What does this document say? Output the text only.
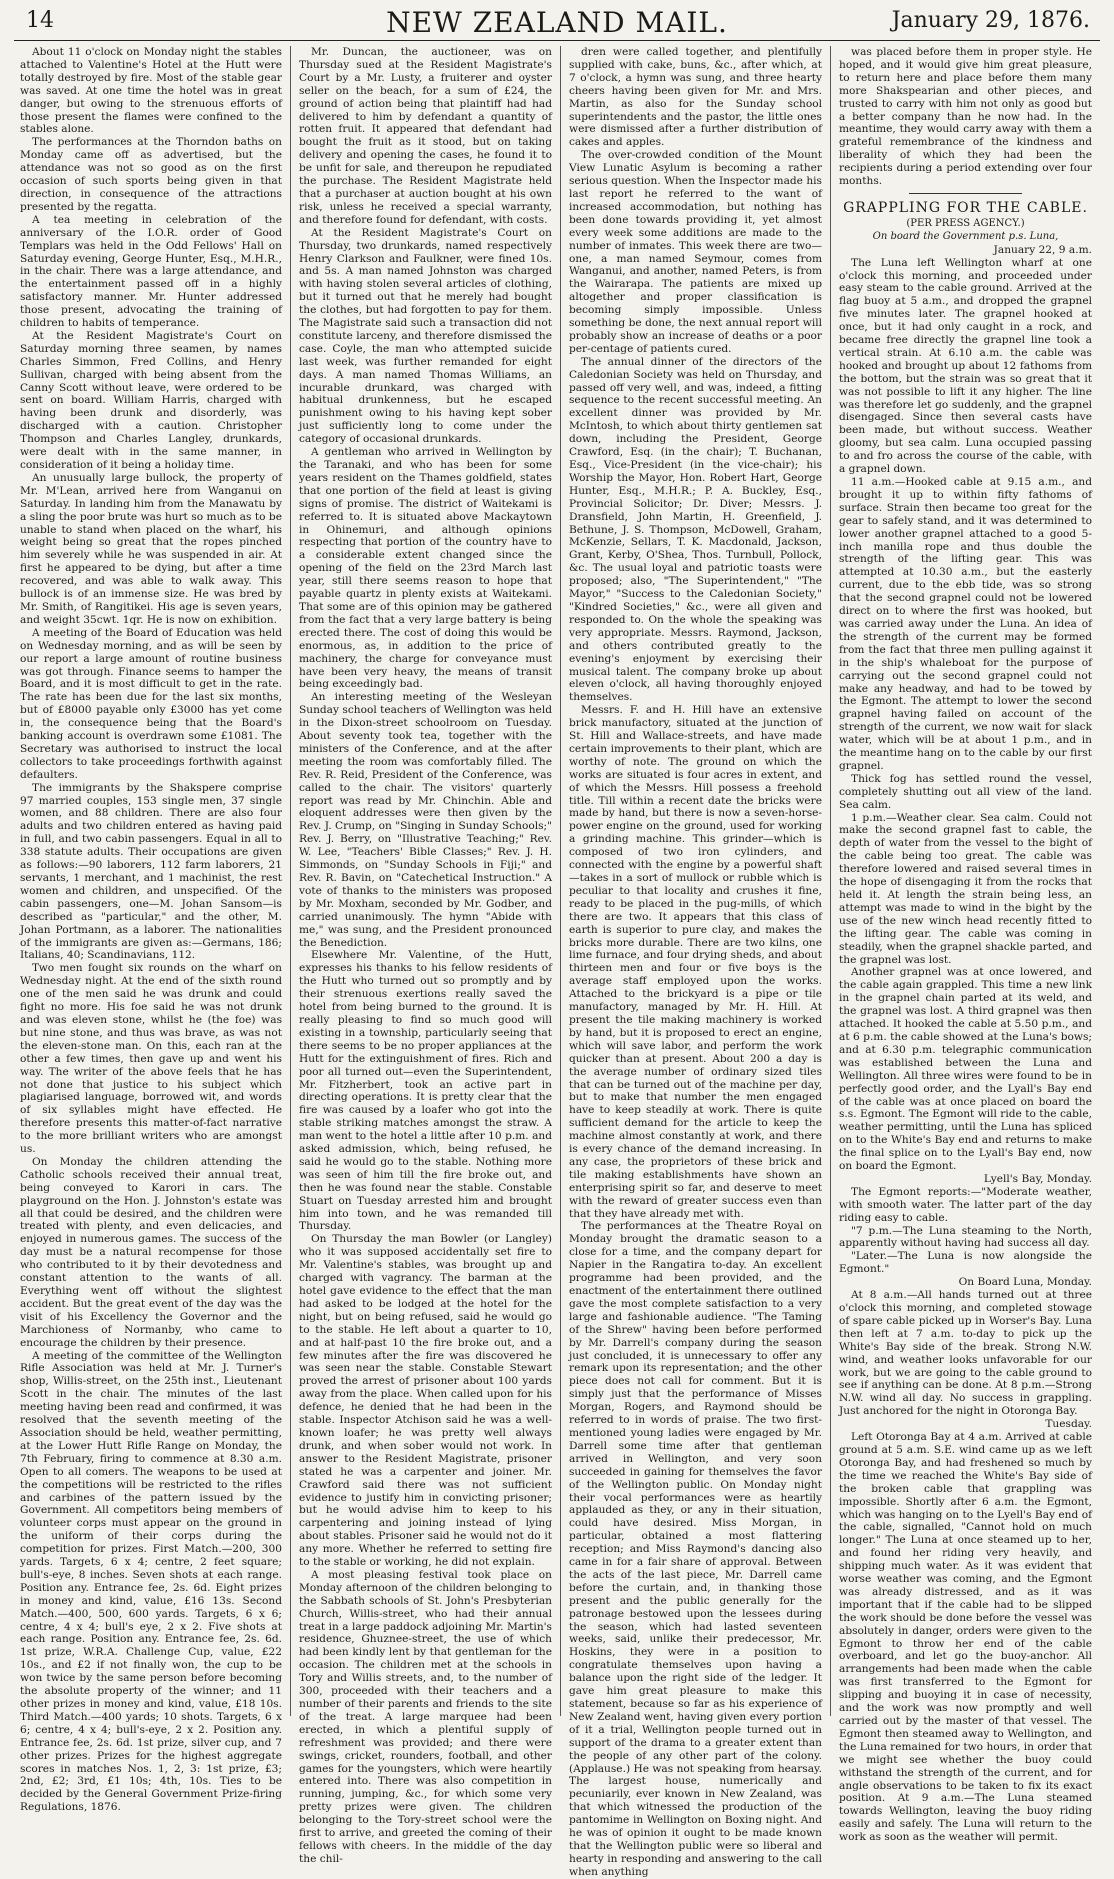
14	NEW ZEALAND MAIL.	January 29, 1876.

About 11 o'clock on Monday night the stables attached to Valentine's Hotel at the Hutt were totally destroyed by fire. Most of the stable gear was saved. At one time the hotel was in great danger, but owing to the strenuous efforts of those present the flames were confined to the stables alone.

The performances at the Thorndon baths on Monday came off as advertised, but the attendance was not so good as on the first occasion of such sports being given in that direction, in consequence of the attractions presented by the regatta.

A tea meeting in celebration of the anniversary of the I.O.R. order of Good Templars was held in the Odd Fellows' Hall on Saturday evening, George Hunter, Esq., M.H.R., in the chair. There was a large attendance, and the entertainment passed off in a highly satisfactory manner. Mr. Hunter addressed those present, advocating the training of children to habits of temperance.

At the Resident Magistrate's Court on Saturday morning three seamen, by names Charles Simmon, Fred Collins, and Henry Sullivan, charged with being absent from the Canny Scott without leave, were ordered to be sent on board. William Harris, charged with having been drunk and disorderly, was discharged with a caution. Christopher Thompson and Charles Langley, drunkards, were dealt with in the same manner, in consideration of it being a holiday time.

An unusually large bullock, the property of Mr. M'Lean, arrived here from Wanganui on Saturday. In landing him from the Manawatu by a sling the poor brute was hurt so much as to be unable to stand when placed on the wharf, his weight being so great that the ropes pinched him severely while he was suspended in air. At first he appeared to be dying, but after a time recovered, and was able to walk away. This bullock is of an immense size. He was bred by Mr. Smith, of Rangitikei. His age is seven years, and weight 35cwt. 1qr. He is now on exhibition.

A meeting of the Board of Education was held on Wednesday morning, and as will be seen by our report a large amount of routine business was got through. Finance seems to hamper the Board, and it is most difficult to get in the rate. The rate has been due for the last six months, but of £8000 payable only £3000 has yet come in, the consequence being that the Board's banking account is overdrawn some £1081. The Secretary was authorised to instruct the local collectors to take proceedings forthwith against defaulters.

The immigrants by the Shakspere comprise 97 married couples, 153 single men, 37 single women, and 88 children. There are also four adults and two children entered as having paid in full, and two cabin passengers. Equal in all to 338 statute adults. Their occupations are given as follows:—90 laborers, 112 farm laborers, 21 servants, 1 merchant, and 1 machinist, the rest women and children, and unspecified. Of the cabin passengers, one—M. Johan Sansom—is described as "particular," and the other, M. Johan Portmann, as a laborer. The nationalities of the immigrants are given as:—Germans, 186; Italians, 40; Scandinavians, 112.

Two men fought six rounds on the wharf on Wednesday night. At the end of the sixth round one of the men said he was drunk and could fight no more. His foe said he was not drunk and was eleven stone, whilst he (the foe) was but nine stone, and thus was brave, as was not the eleven-stone man. On this, each ran at the other a few times, then gave up and went his way. The writer of the above feels that he has not done that justice to his subject which plagiarised language, borrowed wit, and words of six syllables might have effected. He therefore presents this matter-of-fact narrative to the more brilliant writers who are amongst us.

On Monday the children attending the Catholic schools received their annual treat, being conveyed to Karori in cars. The playground on the Hon. J. Johnston's estate was all that could be desired, and the children were treated with plenty, and even delicacies, and enjoyed in numerous games. The success of the day must be a natural recompense for those who contributed to it by their devotedness and constant attention to the wants of all. Everything went off without the slightest accident. But the great event of the day was the visit of his Excellency the Governor and the Marchioness of Normanby, who came to encourage the children by their presence.

A meeting of the committee of the Wellington Rifle Association was held at Mr. J. Turner's shop, Willis-street, on the 25th inst., Lieutenant Scott in the chair. The minutes of the last meeting having been read and confirmed, it was resolved that the seventh meeting of the Association should be held, weather permitting, at the Lower Hutt Rifle Range on Monday, the 7th February, firing to commence at 8.30 a.m. Open to all comers. The weapons to be used at the competitions will be restricted to the rifles and carbines of the pattern issued by the Government. All competitors being members of volunteer corps must appear on the ground in the uniform of their corps during the competition for prizes. First Match.—200, 300 yards. Targets, 6 x 4; centre, 2 feet square; bull's-eye, 8 inches. Seven shots at each range. Position any. Entrance fee, 2s. 6d. Eight prizes in money and kind, value, £16 13s. Second Match.—400, 500, 600 yards. Targets, 6 x 6; centre, 4 x 4; bull's eye, 2 x 2. Five shots at each range. Position any. Entrance fee, 2s. 6d. 1st prize, W.R.A. Challenge Cup, value, £22 10s., and £2 if not finally won, the cup to be won twice by the same person before becoming the absolute property of the winner; and 11 other prizes in money and kind, value, £18 10s. Third Match.—400 yards; 10 shots. Targets, 6 x 6; centre, 4 x 4; bull's-eye, 2 x 2. Position any. Entrance fee, 2s. 6d. 1st prize, silver cup, and 7 other prizes. Prizes for the highest aggregate scores in matches Nos. 1, 2, 3: 1st prize, £3; 2nd, £2; 3rd, £1 10s; 4th, 10s. Ties to be decided by the General Government Prize-firing Regulations, 1876.

Mr. Duncan, the auctioneer, was on Thursday sued at the Resident Magistrate's Court by a Mr. Lusty, a fruiterer and oyster seller on the beach, for a sum of £24, the ground of action being that plaintiff had had delivered to him by defendant a quantity of rotten fruit. It appeared that defendant had bought the fruit as it stood, but on taking delivery and opening the cases, he found it to be unfit for sale, and thereupon he repudiated the purchase. The Resident Magistrate held that a purchaser at auction bought at his own risk, unless he received a special warranty, and therefore found for defendant, with costs.

At the Resident Magistrate's Court on Thursday, two drunkards, named respectively Henry Clarkson and Faulkner, were fined 10s. and 5s. A man named Johnston was charged with having stolen several articles of clothing, but it turned out that he merely had bought the clothes, but had forgotten to pay for them. The Magistrate said such a transaction did not constitute larceny, and therefore dismissed the case. Coyle, the man who attempted suicide last week, was further remanded for eight days. A man named Thomas Williams, an incurable drunkard, was charged with habitual drunkenness, but he escaped punishment owing to his having kept sober just sufficiently long to come under the category of occasional drunkards.

A gentleman who arrived in Wellington by the Taranaki, and who has been for some years resident on the Thames goldfield, states that one portion of the field at least is giving signs of promise. The district of Waitekami is referred to. It is situated above Mackaytown in Ohinemuri, and although opinions respecting that portion of the country have to a considerable extent changed since the opening of the field on the 23rd March last year, still there seems reason to hope that payable quartz in plenty exists at Waitekami. That some are of this opinion may be gathered from the fact that a very large battery is being erected there. The cost of doing this would be enormous, as, in addition to the price of machinery, the charge for conveyance must have been very heavy, the means of transit being exceedingly bad.

An interesting meeting of the Wesleyan Sunday school teachers of Wellington was held in the Dixon-street schoolroom on Tuesday. About seventy took tea, together with the ministers of the Conference, and at the after meeting the room was comfortably filled. The Rev. R. Reid, President of the Conference, was called to the chair. The visitors' quarterly report was read by Mr. Chinchin. Able and eloquent addresses were then given by the Rev. J. Crump, on "Singing in Sunday Schools;" Rev. J. Berry, on "Illustrative Teaching;" Rev. W. Lee, "Teachers' Bible Classes;" Rev. J. H. Simmonds, on "Sunday Schools in Fiji;" and Rev. R. Bavin, on "Catechetical Instruction." A vote of thanks to the ministers was proposed by Mr. Moxham, seconded by Mr. Godber, and carried unanimously. The hymn "Abide with me," was sung, and the President pronounced the Benediction.

Elsewhere Mr. Valentine, of the Hutt, expresses his thanks to his fellow residents of the Hutt who turned out so promptly and by their strenuous exertions really saved the hotel from being burned to the ground. It is really pleasing to find so much good will existing in a township, particularly seeing that there seems to be no proper appliances at the Hutt for the extinguishment of fires. Rich and poor all turned out—even the Superintendent, Mr. Fitzherbert, took an active part in directing operations. It is pretty clear that the fire was caused by a loafer who got into the stable striking matches amongst the straw. A man went to the hotel a little after 10 p.m. and asked admission, which, being refused, he said he would go to the stable. Nothing more was seen of him till the fire broke out, and then he was found near the stable. Constable Stuart on Tuesday arrested him and brought him into town, and he was remanded till Thursday.

On Thursday the man Bowler (or Langley) who it was supposed accidentally set fire to Mr. Valentine's stables, was brought up and charged with vagrancy. The barman at the hotel gave evidence to the effect that the man had asked to be lodged at the hotel for the night, but on being refused, said he would go to the stable. He left about a quarter to 10, and at half-past 10 the fire broke out, and a few minutes after the fire was discovered he was seen near the stable. Constable Stewart proved the arrest of prisoner about 100 yards away from the place. When called upon for his defence, he denied that he had been in the stable. Inspector Atchison said he was a well-known loafer; he was pretty well always drunk, and when sober would not work. In answer to the Resident Magistrate, prisoner stated he was a carpenter and joiner. Mr. Crawford said there was not sufficient evidence to justify him in convicting prisoner; but he would advise him to keep to his carpentering and joining instead of lying about stables. Prisoner said he would not do it any more. Whether he referred to setting fire to the stable or working, he did not explain.

A most pleasing festival took place on Monday afternoon of the children belonging to the Sabbath schools of St. John's Presbyterian Church, Willis-street, who had their annual treat in a large paddock adjoining Mr. Martin's residence, Ghuznee-street, the use of which had been kindly lent by that gentleman for the occasion. The children met at the schools in Tory and Willis streets, and, to the number of 300, proceeded with their teachers and a number of their parents and friends to the site of the treat. A large marquee had been erected, in which a plentiful supply of refreshment was provided; and there were swings, cricket, rounders, football, and other games for the youngsters, which were heartily entered into. There was also competition in running, jumping, &c., for which some very pretty prizes were given. The children belonging to the Tory-street school were the first to arrive, and greeted the coming of their fellows with cheers. In the middle of the day the chil-

dren were called together, and plentifully supplied with cake, buns, &c., after which, at 7 o'clock, a hymn was sung, and three hearty cheers having been given for Mr. and Mrs. Martin, as also for the Sunday school superintendents and the pastor, the little ones were dismissed after a further distribution of cakes and apples.

The over-crowded condition of the Mount View Lunatic Asylum is becoming a rather serious question. When the Inspector made his last report he referred to the want of increased accommodation, but nothing has been done towards providing it, yet almost every week some additions are made to the number of inmates. This week there are two—one, a man named Seymour, comes from Wanganui, and another, named Peters, is from the Wairarapa. The patients are mixed up altogether and proper classification is becoming simply impossible. Unless something be done, the next annual report will probably show an increase of deaths or a poor per-centage of patients cured.

The annual dinner of the directors of the Caledonian Society was held on Thursday, and passed off very well, and was, indeed, a fitting sequence to the recent successful meeting. An excellent dinner was provided by Mr. McIntosh, to which about thirty gentlemen sat down, including the President, George Crawford, Esq. (in the chair); T. Buchanan, Esq., Vice-President (in the vice-chair); his Worship the Mayor, Hon. Robert Hart, George Hunter, Esq., M.H.R.; P. A. Buckley, Esq., Provincial Solicitor; Dr. Diver; Messrs. J. Dransfield, John Martin, H. Greenfield, J. Bethune, J. S. Thompson, McDowell, Graham, McKenzie, Sellars, T. K. Macdonald, Jackson, Grant, Kerby, O'Shea, Thos. Turnbull, Pollock, &c. The usual loyal and patriotic toasts were proposed; also, "The Superintendent," "The Mayor," "Success to the Caledonian Society," "Kindred Societies," &c., were all given and responded to. On the whole the speaking was very appropriate. Messrs. Raymond, Jackson, and others contributed greatly to the evening's enjoyment by exercising their musical talent. The company broke up about eleven o'clock, all having thoroughly enjoyed themselves.

Messrs. F. and H. Hill have an extensive brick manufactory, situated at the junction of St. Hill and Wallace-streets, and have made certain improvements to their plant, which are worthy of note. The ground on which the works are situated is four acres in extent, and of which the Messrs. Hill possess a freehold title. Till within a recent date the bricks were made by hand, but there is now a seven-horse-power engine on the ground, used for working a grinding machine. This grinder—which is composed of two iron cylinders, and connected with the engine by a powerful shaft—takes in a sort of mullock or rubble which is peculiar to that locality and crushes it fine, ready to be placed in the pug-mills, of which there are two. It appears that this class of earth is superior to pure clay, and makes the bricks more durable. There are two kilns, one lime furnace, and four drying sheds, and about thirteen men and four or five boys is the average staff employed upon the works. Attached to the brickyard is a pipe or tile manufactory, managed by Mr. H. Hill. At present the tile making machinery is worked by hand, but it is proposed to erect an engine, which will save labor, and perform the work quicker than at present. About 200 a day is the average number of ordinary sized tiles that can be turned out of the machine per day, but to make that number the men engaged have to keep steadily at work. There is quite sufficient demand for the article to keep the machine almost constantly at work, and there is every chance of the demand increasing. In any case, the proprietors of these brick and tile making establishments have shown an enterprising spirit so far, and deserve to meet with the reward of greater success even than that they have already met with.

The performances at the Theatre Royal on Monday brought the dramatic season to a close for a time, and the company depart for Napier in the Rangatira to-day. An excellent programme had been provided, and the enactment of the entertainment there outlined gave the most complete satisfaction to a very large and fashionable audience. "The Taming of the Shrew" having been before performed by Mr. Darrell's company during the season just concluded, it is unnecessary to offer any remark upon its representation; and the other piece does not call for comment. But it is simply just that the performance of Misses Morgan, Rogers, and Raymond should be referred to in words of praise. The two first-mentioned young ladies were engaged by Mr. Darrell some time after that gentleman arrived in Wellington, and very soon succeeded in gaining for themselves the favor of the Wellington public. On Monday night their vocal performances were as heartily applauded as they, or any in their situation, could have desired. Miss Morgan, in particular, obtained a most flattering reception; and Miss Raymond's dancing also came in for a fair share of approval. Between the acts of the last piece, Mr. Darrell came before the curtain, and, in thanking those present and the public generally for the patronage bestowed upon the lessees during the season, which had lasted seventeen weeks, said, unlike their predecessor, Mr. Hoskins, they were in a position to congratulate themselves upon having a balance upon the right side of the ledger. It gave him great pleasure to make this statement, because so far as his experience of New Zealand went, having given every portion of it a trial, Wellington people turned out in support of the drama to a greater extent than the people of any other part of the colony. (Applause.) He was not speaking from hearsay. The largest house, numerically and pecuniarily, ever known in New Zealand, was that which witnessed the production of the pantomime in Wellington on Boxing night. And he was of opinion it ought to be made known that the Wellington public were so liberal and hearty in responding and answering to the call when anything

was placed before them in proper style. He hoped, and it would give him great pleasure, to return here and place before them many more Shakspearian and other pieces, and trusted to carry with him not only as good but a better company than he now had. In the meantime, they would carry away with them a grateful remembrance of the kindness and liberality of which they had been the recipients during a period extending over four months.

GRAPPLING FOR THE CABLE.
(PER PRESS AGENCY.)
On board the Government p.s. Luna,

January 22, 9 a.m.

The Luna left Wellington wharf at one o'clock this morning, and proceeded under easy steam to the cable ground. Arrived at the flag buoy at 5 a.m., and dropped the grapnel five minutes later. The grapnel hooked at once, but it had only caught in a rock, and became free directly the grapnel line took a vertical strain. At 6.10 a.m. the cable was hooked and brought up about 12 fathoms from the bottom, but the strain was so great that it was not possible to lift it any higher. The line was therefore let go suddenly, and the grapnel disengaged. Since then several casts have been made, but without success. Weather gloomy, but sea calm. Luna occupied passing to and fro across the course of the cable, with a grapnel down.

11 a.m.—Hooked cable at 9.15 a.m., and brought it up to within fifty fathoms of surface. Strain then became too great for the gear to safely stand, and it was determined to lower another grapnel attached to a good 5-inch manilla rope and thus double the strength of the lifting gear. This was attempted at 10.30 a.m., but the easterly current, due to the ebb tide, was so strong that the second grapnel could not be lowered direct on to where the first was hooked, but was carried away under the Luna. An idea of the strength of the current may be formed from the fact that three men pulling against it in the ship's whaleboat for the purpose of carrying out the second grapnel could not make any headway, and had to be towed by the Egmont. The attempt to lower the second grapnel having failed on account of the strength of the current, we now wait for slack water, which will be at about 1 p.m., and in the meantime hang on to the cable by our first grapnel.

Thick fog has settled round the vessel, completely shutting out all view of the land. Sea calm.

1 p.m.—Weather clear. Sea calm. Could not make the second grapnel fast to cable, the depth of water from the vessel to the bight of the cable being too great. The cable was therefore lowered and raised several times in the hope of disengaging it from the rocks that held it. At length the strain being less, an attempt was made to wind in the bight by the use of the new winch head recently fitted to the lifting gear. The cable was coming in steadily, when the grapnel shackle parted, and the grapnel was lost.

Another grapnel was at once lowered, and the cable again grappled. This time a new link in the grapnel chain parted at its weld, and the grapnel was lost. A third grapnel was then attached. It hooked the cable at 5.50 p.m., and at 6 p.m. the cable showed at the Luna's bows; and at 6.30 p.m. telegraphic communication was established between the Luna and Wellington. All three wires were found to be in perfectly good order, and the Lyall's Bay end of the cable was at once placed on board the s.s. Egmont. The Egmont will ride to the cable, weather permitting, until the Luna has spliced on to the White's Bay end and returns to make the final splice on to the Lyall's Bay end, now on board the Egmont.

Lyell's Bay, Monday.

The Egmont reports:—"Moderate weather, with smooth water. The latter part of the day riding easy to cable.

"7 p.m.—The Luna steaming to the North, apparently without having had success all day.

"Later.—The Luna is now alongside the Egmont."

On Board Luna, Monday.

At 8 a.m.—All hands turned out at three o'clock this morning, and completed stowage of spare cable picked up in Worser's Bay. Luna then left at 7 a.m. to-day to pick up the White's Bay side of the break. Strong N.W. wind, and weather looks unfavorable for our work, but we are going to the cable ground to see if anything can be done. At 8 p.m.—Strong N.W. wind all day. No success in grappling. Just anchored for the night in Otoronga Bay.

Tuesday.

Left Otoronga Bay at 4 a.m. Arrived at cable ground at 5 a.m. S.E. wind came up as we left Otoronga Bay, and had freshened so much by the time we reached the White's Bay side of the broken cable that grappling was impossible. Shortly after 6 a.m. the Egmont, which was hanging on to the Lyell's Bay end of the cable, signalled, "Cannot hold on much longer." The Luna at once steamed up to her, and found her riding very heavily, and shipping much water. As it was evident that worse weather was coming, and the Egmont was already distressed, and as it was important that if the cable had to be slipped the work should be done before the vessel was absolutely in danger, orders were given to the Egmont to throw her end of the cable overboard, and let go the buoy-anchor. All arrangements had been made when the cable was first transferred to the Egmont for slipping and buoying it in case of necessity, and the work was now promptly and well carried out by the master of that vessel. The Egmont then steamed away to Wellington, and the Luna remained for two hours, in order that we might see whether the buoy could withstand the strength of the current, and for angle observations to be taken to fix its exact position. At 9 a.m.—The Luna steamed towards Wellington, leaving the buoy riding easily and safely. The Luna will return to the work as soon as the weather will permit.
